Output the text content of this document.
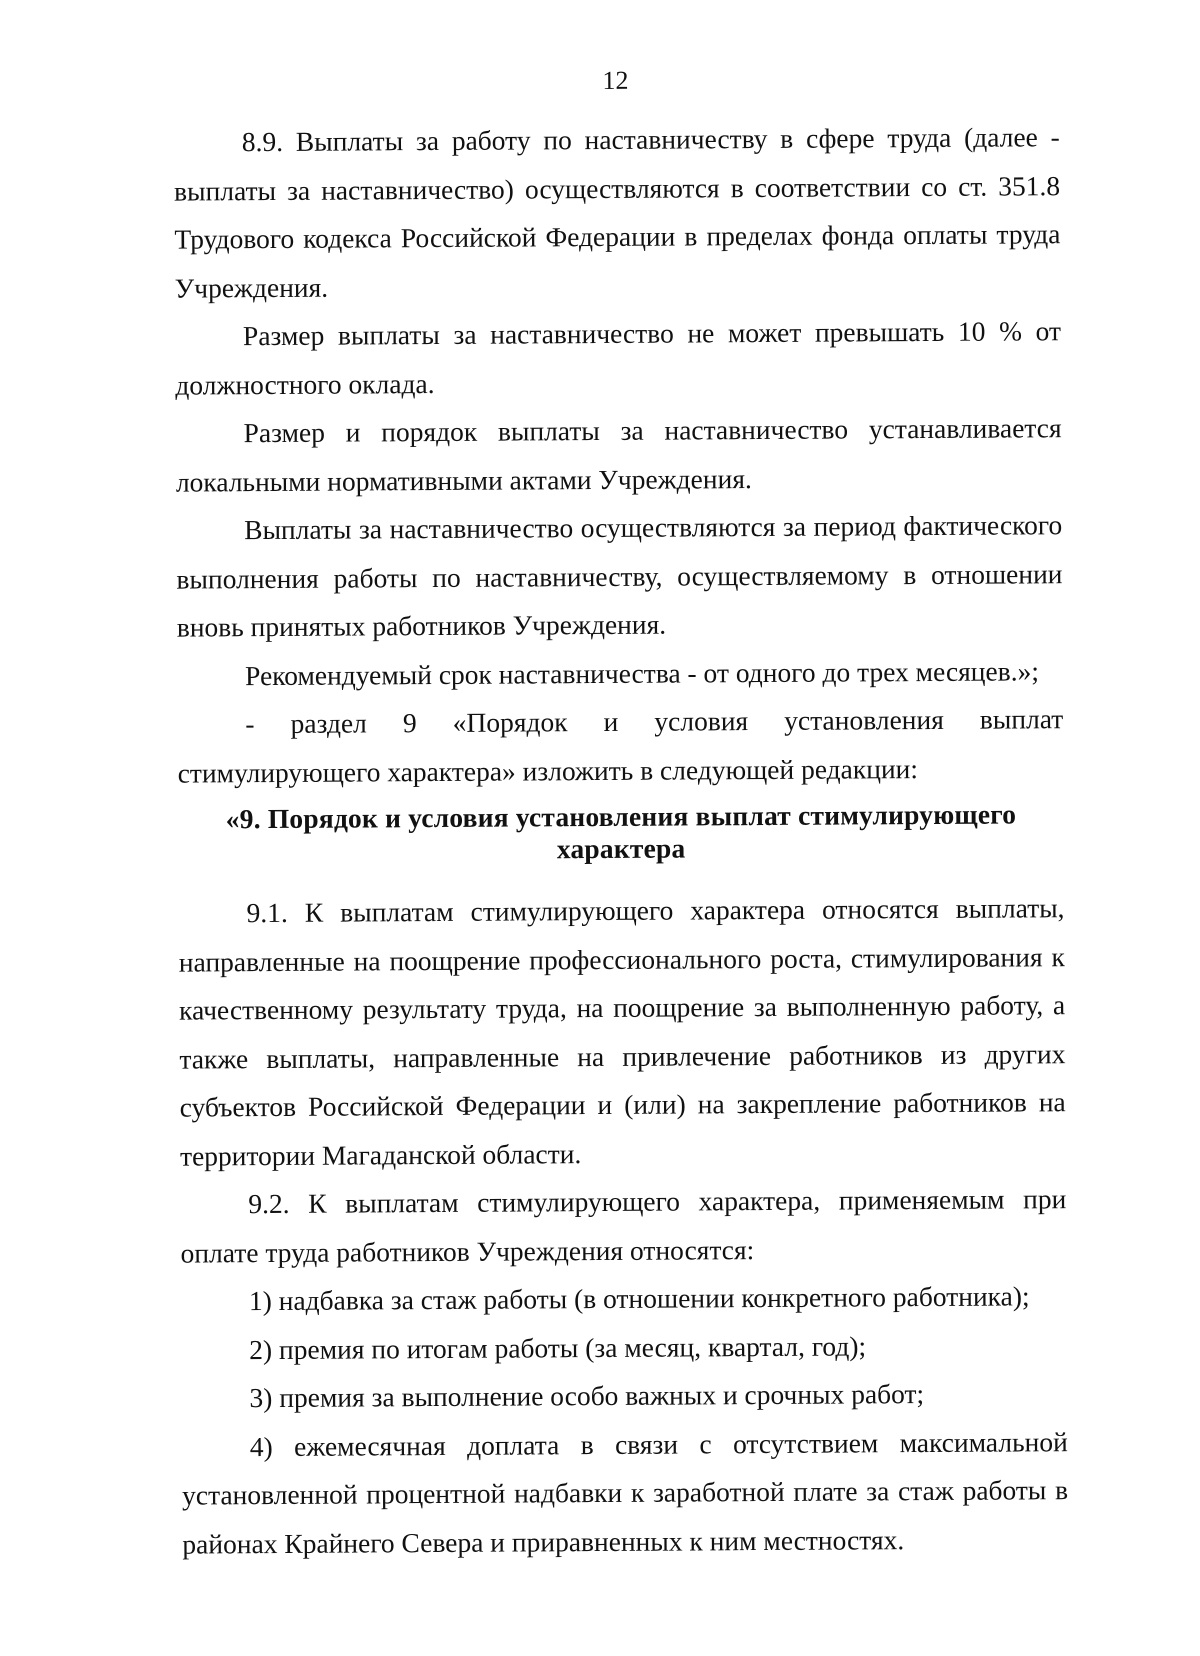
12

8.9. Выплаты за работу по наставничеству в сфере труда (далее - выплаты за наставничество) осуществляются в соответствии со ст. 351.8 Трудового кодекса Российской Федерации в пределах фонда оплаты труда Учреждения.

Размер выплаты за наставничество не может превышать 10 % от должностного оклада.

Размер и порядок выплаты за наставничество устанавливается локальными нормативными актами Учреждения.

Выплаты за наставничество осуществляются за период фактического выполнения работы по наставничеству, осуществляемому в отношении вновь принятых работников Учреждения.

Рекомендуемый срок наставничества - от одного до трех месяцев.»;

- раздел 9 «Порядок и условия установления выплат
стимулирующего характера» изложить в следующей редакции:
«9. Порядок и условия установления выплат стимулирующего
характера

9.1. К выплатам стимулирующего характера относятся выплаты, направленные на поощрение профессионального роста, стимулирования к качественному результату труда, на поощрение за выполненную работу, а также выплаты, направленные на привлечение работников из других субъектов Российской Федерации и (или) на закрепление работников на территории Магаданской области.

9.2. К выплатам стимулирующего характера, применяемым при оплате труда работников Учреждения относятся:

1) надбавка за стаж работы (в отношении конкретного работника);

2) премия по итогам работы (за месяц, квартал, год);

3) премия за выполнение особо важных и срочных работ;

4) ежемесячная доплата в связи с отсутствием максимальной установленной процентной надбавки к заработной плате за стаж работы в районах Крайнего Севера и приравненных к ним местностях.
